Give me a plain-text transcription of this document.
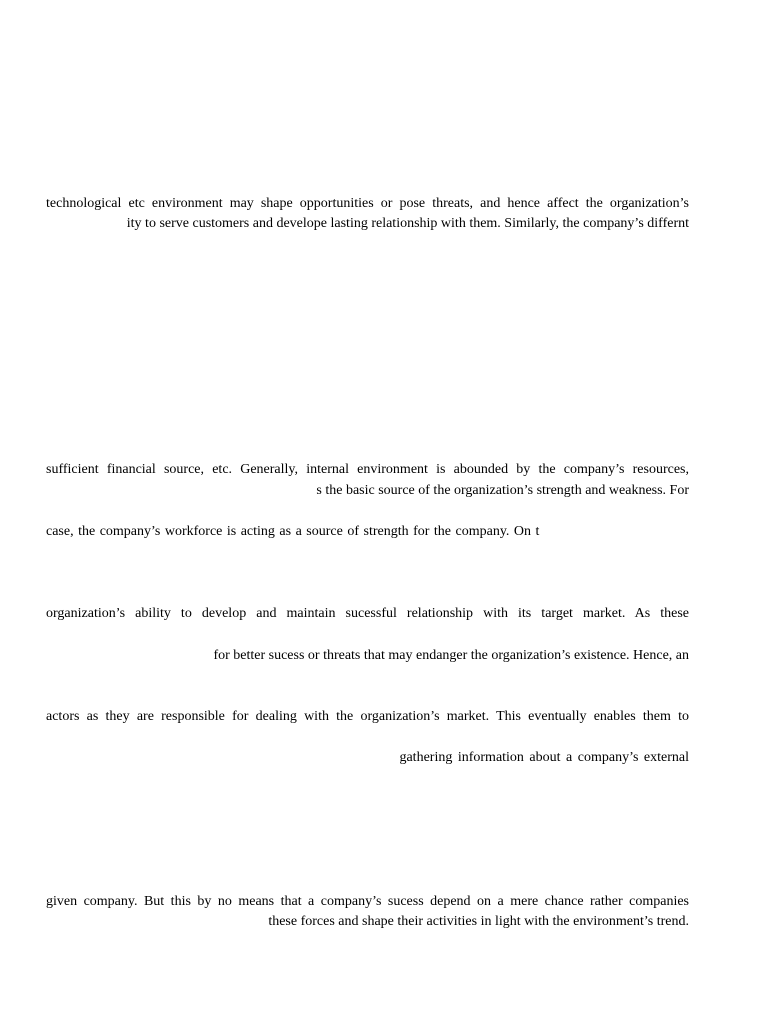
technological etc environment may shape opportunities or pose threats, and hence affect the organization’s
ity to serve customers and develope lasting relationship with them. Similarly, the company’s differnt
sufficient financial source, etc. Generally, internal environment is abounded by the company’s resources,
s the basic source of the organization’s strength and weakness. For
case, the company’s workforce is acting as a source of strength for the company. On t
organization’s ability to develop and maintain sucessful relationship with its target market. As these
for better sucess or threats that may endanger the organization’s existence. Hence, an
actors as they are responsible for dealing with the organization’s market. This eventually enables them to
gathering information about a company’s external
given company. But this by no means that a company’s sucess depend on a mere chance rather companies
these forces and shape their activities in light with the environment’s trend.
